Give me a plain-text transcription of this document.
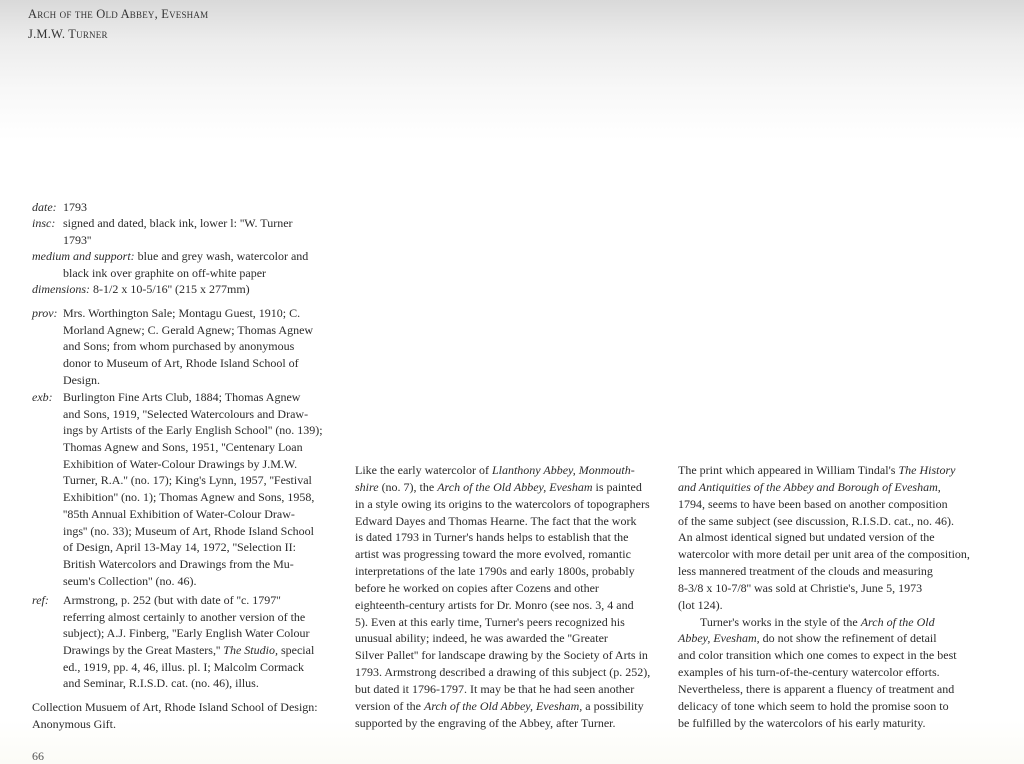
Arch of the Old Abbey, Evesham
J.M.W. Turner
date: 1793
insc: signed and dated, black ink, lower l: ''W. Turner
1793''
medium and support: blue and grey wash, watercolor and
black ink over graphite on off-white paper
dimensions: 8-1/2 x 10-5/16'' (215 x 277mm)
prov: Mrs. Worthington Sale; Montagu Guest, 1910; C.
Morland Agnew; C. Gerald Agnew; Thomas Agnew
and Sons; from whom purchased by anonymous
donor to Museum of Art, Rhode Island School of
Design.
exb: Burlington Fine Arts Club, 1884; Thomas Agnew
and Sons, 1919, ''Selected Watercolours and Draw-
ings by Artists of the Early English School'' (no. 139);
Thomas Agnew and Sons, 1951, ''Centenary Loan
Exhibition of Water-Colour Drawings by J.M.W.
Turner, R.A.'' (no. 17); King's Lynn, 1957, ''Festival
Exhibition'' (no. 1); Thomas Agnew and Sons, 1958,
''85th Annual Exhibition of Water-Colour Draw-
ings'' (no. 33); Museum of Art, Rhode Island School
of Design, April 13-May 14, 1972, ''Selection II:
British Watercolors and Drawings from the Mu-
seum's Collection'' (no. 46).
ref: Armstrong, p. 252 (but with date of ''c. 1797''
referring almost certainly to another version of the
subject); A.J. Finberg, ''Early English Water Colour
Drawings by the Great Masters,'' The Studio, special
ed., 1919, pp. 4, 46, illus. pl. I; Malcolm Cormack
and Seminar, R.I.S.D. cat. (no. 46), illus.
Collection Musuem of Art, Rhode Island School of Design:
Anonymous Gift.
Like the early watercolor of Llanthony Abbey, Monmouth-
shire (no. 7), the Arch of the Old Abbey, Evesham is painted
in a style owing its origins to the watercolors of topographers
Edward Dayes and Thomas Hearne. The fact that the work
is dated 1793 in Turner's hands helps to establish that the
artist was progressing toward the more evolved, romantic
interpretations of the late 1790s and early 1800s, probably
before he worked on copies after Cozens and other
eighteenth-century artists for Dr. Monro (see nos. 3, 4 and
5). Even at this early time, Turner's peers recognized his
unusual ability; indeed, he was awarded the ''Greater
Silver Pallet'' for landscape drawing by the Society of Arts in
1793. Armstrong described a drawing of this subject (p. 252),
but dated it 1796-1797. It may be that he had seen another
version of the Arch of the Old Abbey, Evesham, a possibility
supported by the engraving of the Abbey, after Turner.
The print which appeared in William Tindal's The History
and Antiquities of the Abbey and Borough of Evesham,
1794, seems to have been based on another composition
of the same subject (see discussion, R.I.S.D. cat., no. 46).
An almost identical signed but undated version of the
watercolor with more detail per unit area of the composition,
less mannered treatment of the clouds and measuring
8-3/8 x 10-7/8'' was sold at Christie's, June 5, 1973
(lot 124).
Turner's works in the style of the Arch of the Old
Abbey, Evesham, do not show the refinement of detail
and color transition which one comes to expect in the best
examples of his turn-of-the-century watercolor efforts.
Nevertheless, there is apparent a fluency of treatment and
delicacy of tone which seem to hold the promise soon to
be fulfilled by the watercolors of his early maturity.
66
